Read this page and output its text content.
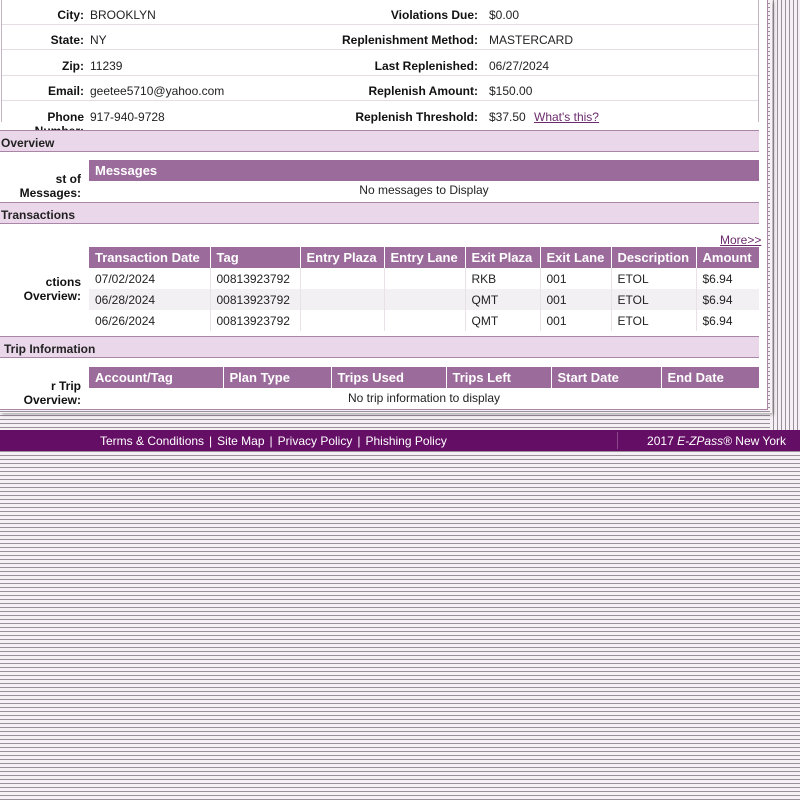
City: BROOKLYN	Violations Due: $0.00
State: NY	Replenishment Method: MASTERCARD
Zip: 11239	Last Replenished: 06/27/2024
Email: geetee5710@yahoo.com	Replenish Amount: $150.00
Phone 917-940-9728	Replenish Threshold: $37.50 What's this?
Overview
st of Messages:
Messages
No messages to Display
Transactions
More>>
ctions Overview:
Transaction Date	Tag	Entry Plaza	Entry Lane	Exit Plaza	Exit Lane	Description	Amount
07/02/2024	00813923792			RKB	001	ETOL	$6.94
06/28/2024	00813923792			QMT	001	ETOL	$6.94
06/26/2024	00813923792			QMT	001	ETOL	$6.94
Trip Information
r Trip Overview:
Account/Tag	Plan Type	Trips Used	Trips Left	Start Date	End Date
No trip information to display
Terms & Conditions | Site Map | Privacy Policy | Phishing Policy	2017 E-ZPass® New York
